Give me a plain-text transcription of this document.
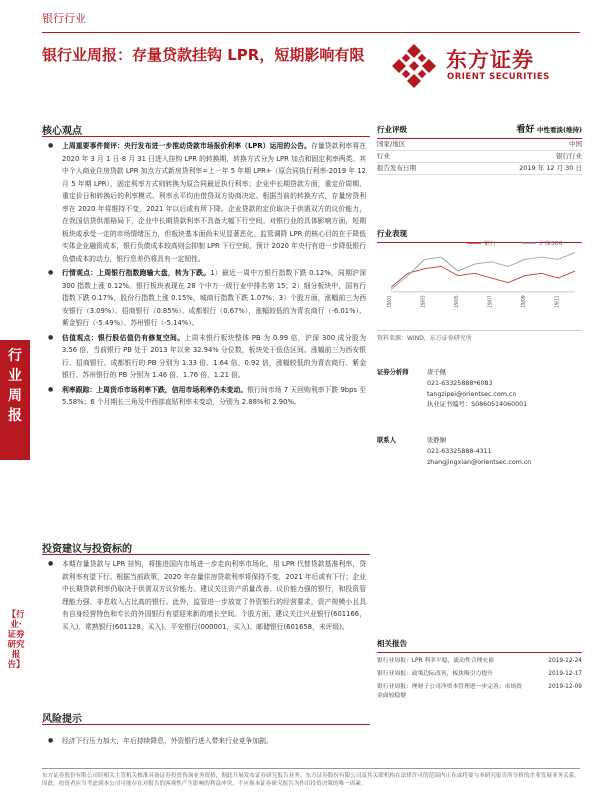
银行行业
银行业周报：存量贷款挂钩 LPR，短期影响有限	东方证券
ORIENT SECURITIES
行业周报
【行业·证券研究报告】
核心观点
● 上周重要事件简评：央行发布进一步推动贷款市场报价利率（LPR）运用的公告。存量贷款利率将在 2020 年 3 月 1 日-8 月 31 日进入挂钩 LPR 的转换期，转换方式分为 LPR 加点和固定利率两类。其中个人商业住房贷款 LPR 加点方式新房贷利率=上一年 5 年期 LPR+（原合同执行利率-2019 年 12 月 5 年期 LPR），固定利率方式则转换为原合同最近执行利率；企业中长期贷款方面，重定价周期、重定价日和转换后的利率模式、利率水平均由借贷双方协商决定。根据当前的转换方式，存量房贷利率在 2020 年将维持不变，2021 年以后或有所下降。企业贷款的定价取决于供需双方的议价能力，在我国信贷供需格局下，企业中长期贷款利率不具备大幅下行空间。对银行业的具体影响方面，短期板块或承受一定的市场情绪压力，但板块基本面尚未见显著恶化。监管调降 LPR 的核心目的在于降低实体企业融资成本，银行负债成本较高则会抑制 LPR 下行空间，预计 2020 年央行有进一步降低银行负债成本的动力，银行息差仍将具有一定韧性。
● 行情观点：上周银行指数跑输大盘，转为下跌。1）最近一周中万银行指数下跌 0.12%，同期沪深 300 指数上涨 0.12%。银行板块表现在 28 个中万一级行业中排名第 15；2）细分板块中，国有行指数下跌 0.17%，股份行指数上涨 0.15%，城商行指数下跌 1.07%；3）个股方面，涨幅前三为西安银行（3.09%）、招商银行（0.85%）、成都银行（0.67%），涨幅较低的为青农商行（-6.01%）、紫金银行（-5.49%）、苏州银行（-5.14%）。
● 估值观点：银行股估值仍有修复空间。上周末银行板块整体 PB 为 0.99 倍，沪深 300 成分股为 3.56 倍，当前银行 PB 处于 2013 年以来 32.94% 分位数，板块处于低估区间。涨幅前三为西安银行、招商银行、成都银行的 PB 分别为 1.33 倍、1.64 倍、0.92 倍，涨幅较低的为青农商行、紫金银行、苏州银行的 PB 分别为 1.46 倍、1.76 倍、1.21 倍。
● 利率跟踪：上周货币市场利率下跌，信用市场利率仍未变动。银行间市场 7 天回购利率下跌 9bps 至 5.58%；6 个月期长三角及中西部直贴利率未变动，分别为 2.88%和 2.90%。
投资建议与投资标的
● 本期存量贷款与 LPR 挂钩，将推进国内市场进一步走向利率市场化，用 LPR 代替贷款基准利率，贷款利率有望下行。根据当前政策，2020 年存量住房贷款利率将保持不变，2021 年后或有下行；企业中长期贷款利率仍取决于供需双方议价能力。建议关注资产质量改善、议价能力强的银行，和投资管理能力强、非息收入占比高的银行。此外，监管进一步放宽了外资银行的经营要求，资产规模小且具有自身经营特色和专长的外国银行有望迎来新的增长空间。个股方面，建议关注兴业银行(601166，买入)、常熟银行(601128，买入)、平安银行(000001，买入)、邮储银行(601658，未评级)。
风险提示
● 经济下行压力加大，年后持续降息，外资银行进入带来行业竞争加剧。
行业评级	看好 中性看淡(维持)
国家/地区	中国
行业	银行行业
报告发布日期	2019 年 12 月 30 日
行业表现
银行	沪深300
19/01	19/03	19/05	19/07	19/09	19/11
资料来源：WIND，东方证券研究所
证券分析师	唐子佩
021-63325888*6083
tangzipei@orientsec.com.cn
执业证书编号：S0860514060001
联系人	张静娴
021-63325888-4311
zhangjingxian@orientsec.com.cn
相关报告
银行业周报：LPR 利率平稳，流动性合理充裕	2019-12-24
银行业周报：政策边际改善，板块吸引力提升	2019-12-17
银行业周报：理财子公司净资本管理进一步完善；市场资金面较稳健
2019-12-09

东方证券股份有限公司经相关主管机关核准具备证券投资咨询业务资格，据此开展发布证券研究报告业务。东方证券股份有限公司及其关联机构在法律许可的范围内正在或将要与本研究报告所分析的企业发展业务关系。因此，投资者应当考虑到本公司可能存在对报告的客观性产生影响的利益冲突，不应视本证券研究报告为作出投资决策的唯一因素。
